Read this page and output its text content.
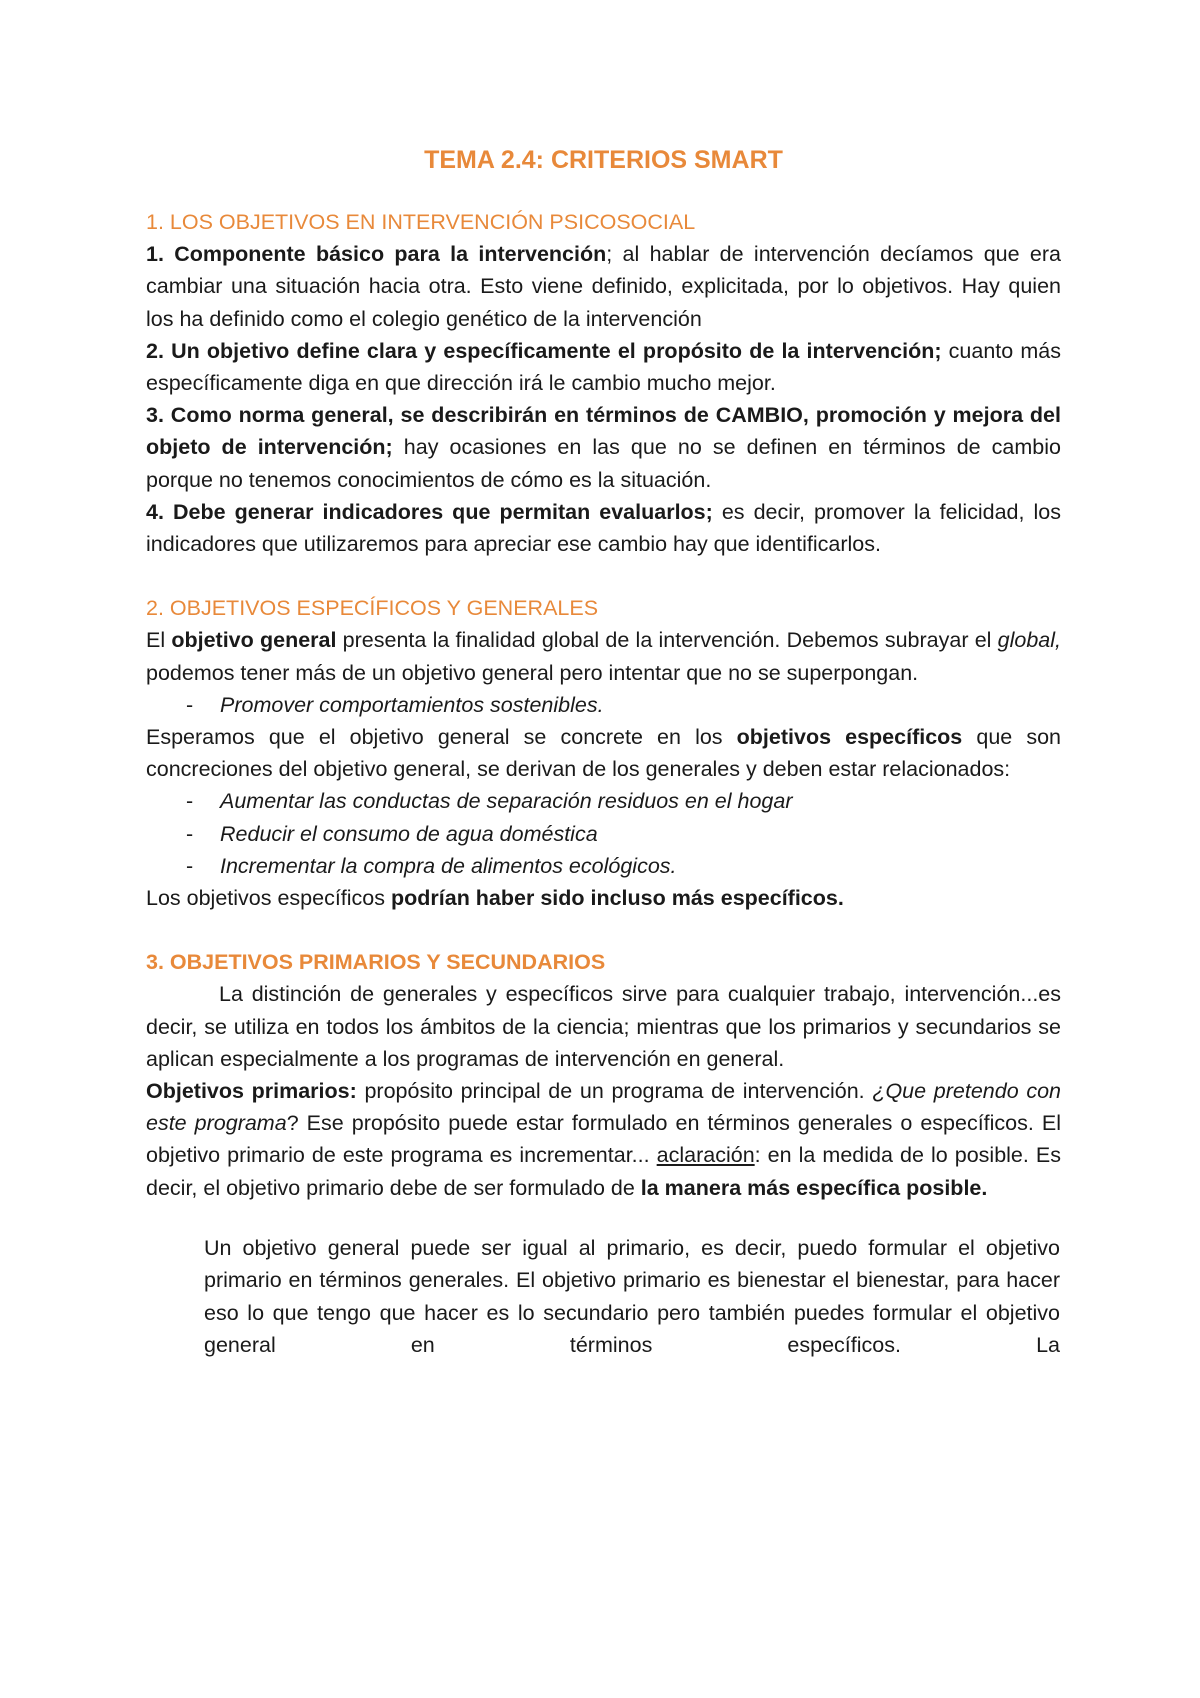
TEMA 2.4: CRITERIOS SMART
1. LOS OBJETIVOS EN INTERVENCIÓN PSICOSOCIAL

1. Componente básico para la intervención; al hablar de intervención decíamos que era cambiar una situación hacia otra. Esto viene definido, explicitada, por lo objetivos. Hay quien los ha definido como el colegio genético de la intervención

2. Un objetivo define clara y específicamente el propósito de la intervención; cuanto más específicamente diga en que dirección irá le cambio mucho mejor.

3. Como norma general, se describirán en términos de CAMBIO, promoción y mejora del objeto de intervención; hay ocasiones en las que no se definen en términos de cambio porque no tenemos conocimientos de cómo es la situación.

4. Debe generar indicadores que permitan evaluarlos; es decir, promover la felicidad, los indicadores que utilizaremos para apreciar ese cambio hay que identificarlos.

2. OBJETIVOS ESPECÍFICOS Y GENERALES

El objetivo general presenta la finalidad global de la intervención. Debemos subrayar el global, podemos tener más de un objetivo general pero intentar que no se superpongan.

- Promover comportamientos sostenibles.

Esperamos que el objetivo general se concrete en los objetivos específicos que son concreciones del objetivo general, se derivan de los generales y deben estar relacionados:

- Aumentar las conductas de separación residuos en el hogar
- Reducir el consumo de agua doméstica
- Incrementar la compra de alimentos ecológicos.

Los objetivos específicos podrían haber sido incluso más específicos.

3. OBJETIVOS PRIMARIOS Y SECUNDARIOS

La distinción de generales y específicos sirve para cualquier trabajo, intervención...es decir, se utiliza en todos los ámbitos de la ciencia; mientras que los primarios y secundarios se aplican especialmente a los programas de intervención en general.

Objetivos primarios: propósito principal de un programa de intervención. ¿Que pretendo con este programa? Ese propósito puede estar formulado en términos generales o específicos. El objetivo primario de este programa es incrementar... aclaración: en la medida de lo posible. Es decir, el objetivo primario debe de ser formulado de la manera más específica posible.

Un objetivo general puede ser igual al primario, es decir, puedo formular el objetivo primario en términos generales. El objetivo primario es bienestar el bienestar, para hacer eso lo que tengo que hacer es lo secundario pero también puedes formular el objetivo general en términos específicos. La
